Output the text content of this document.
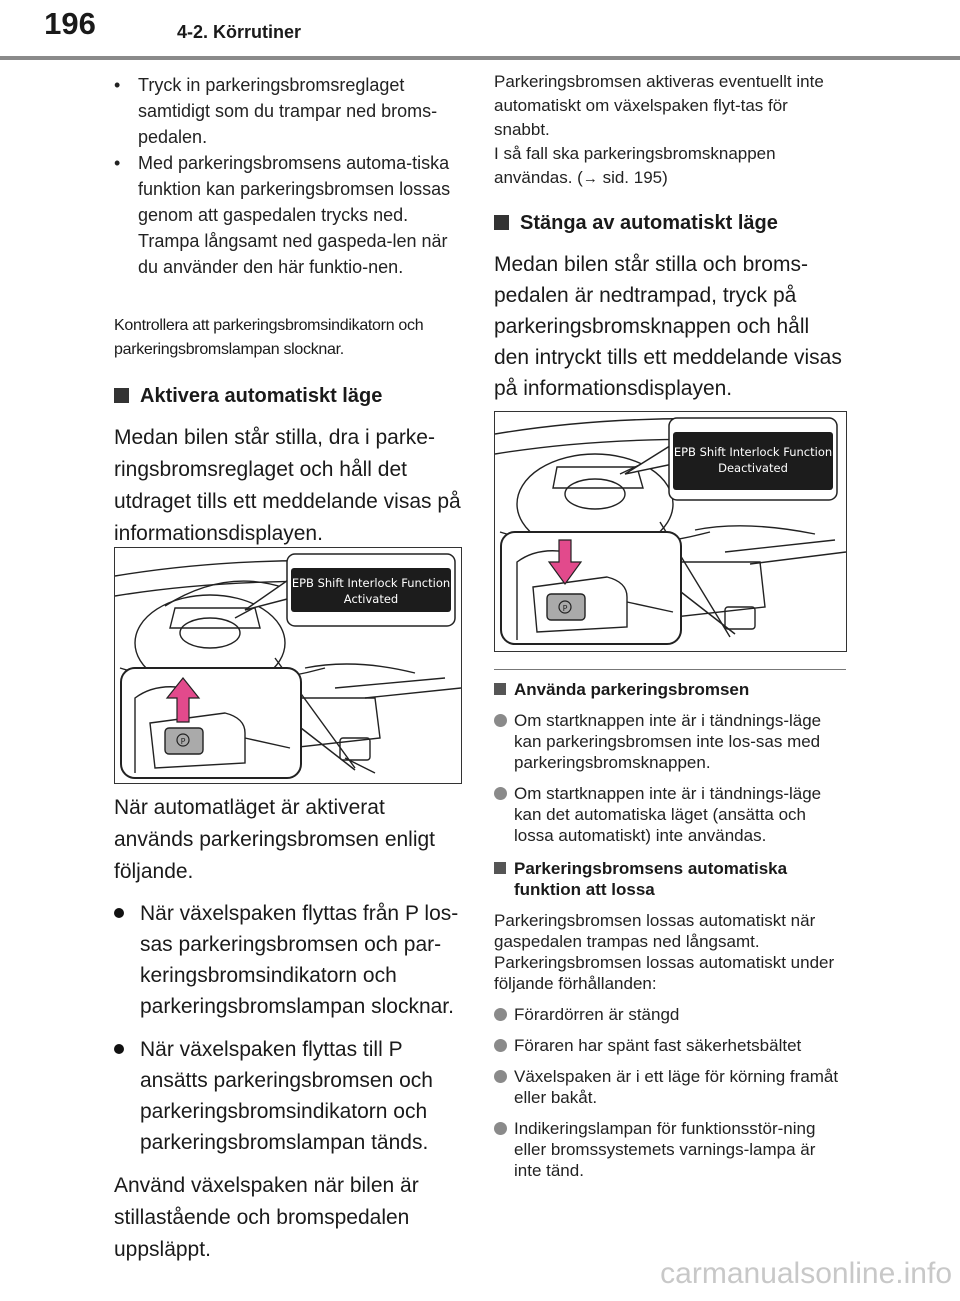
196	4-2. Körrutiner
• Tryck in parkeringsbromsreglaget samtidigt som du trampar ned broms-pedalen.
• Med parkeringsbromsens automa-tiska funktion kan parkeringsbromsen lossas genom att gaspedalen trycks ned. Trampa långsamt ned gaspeda-len när du använder den här funktio-nen.
Kontrollera att parkeringsbromsindikatorn och parkeringsbromslampan slocknar.
Aktivera automatiskt läge
Medan bilen står stilla, dra i parke-ringsbromsreglaget och håll det utdraget tills ett meddelande visas på informationsdisplayen.
EPB Shift Interlock Function
Activated
P
När automatläget är aktiverat används parkeringsbromsen enligt följande.
När växelspaken flyttas från P los-sas parkeringsbromsen och par-keringsbromsindikatorn och parkeringsbromslampan slocknar.
När växelspaken flyttas till P ansätts parkeringsbromsen och parkeringsbromsindikatorn och parkeringsbromslampan tänds.
Använd växelspaken när bilen är stillastående och bromspedalen uppsläppt.
Parkeringsbromsen aktiveras eventuellt inte automatiskt om växelspaken flyt-tas för snabbt.
I så fall ska parkeringsbromsknappen användas. (→ sid. 195)
Stänga av automatiskt läge
Medan bilen står stilla och broms-pedalen är nedtrampad, tryck på parkeringsbromsknappen och håll den intryckt tills ett meddelande visas på informationsdisplayen.
EPB Shift Interlock Function
Deactivated
P
Använda parkeringsbromsen
Om startknappen inte är i tändnings-läge kan parkeringsbromsen inte los-sas med parkeringsbromsknappen.
Om startknappen inte är i tändnings-läge kan det automatiska läget (ansätta och lossa automatiskt) inte användas.
Parkeringsbromsens automatiska funktion att lossa
Parkeringsbromsen lossas automatiskt när gaspedalen trampas ned långsamt. Parkeringsbromsen lossas automatiskt under följande förhållanden:
Förardörren är stängd
Föraren har spänt fast säkerhetsbältet
Växelspaken är i ett läge för körning framåt eller bakåt.
Indikeringslampan för funktionsstör-ning eller bromssystemets varnings-lampa är inte tänd.
carmanualsonline.info
